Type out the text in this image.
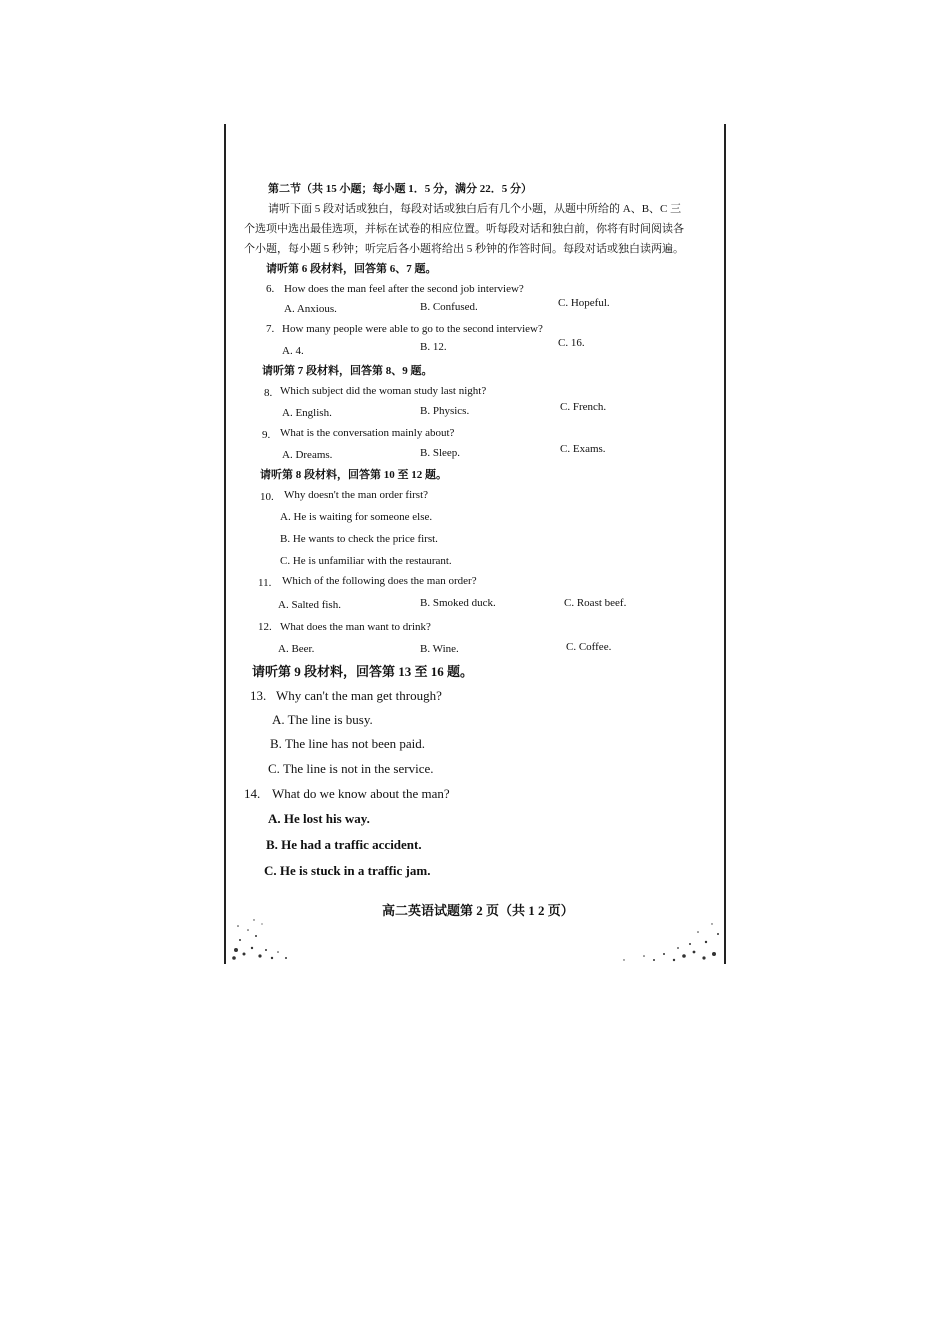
第二节（共 15 小题；每小题 1．5 分，满分 22．5 分）
请听下面 5 段对话或独白，每段对话或独白后有几个小题，从题中所给的 A、B、C 三
个选项中选出最佳选项，并标在试卷的相应位置。听每段对话和独白前，你将有时间阅读各
个小题，每小题 5 秒钟；听完后各小题将给出 5 秒钟的作答时间。每段对话或独白读两遍。
请听第 6 段材料，回答第 6、7 题。
6. How does the man feel after the second job interview?
A. Anxious.	B. Confused.	C. Hopeful.
7. How many people were able to go to the second interview?
A. 4.	B. 12.	C. 16.
请听第 7 段材料，回答第 8、9 题。
8. Which subject did the woman study last night?
A. English.	B. Physics.	C. French.
9. What is the conversation mainly about?
A. Dreams.	B. Sleep.	C. Exams.
请听第 8 段材料，回答第 10 至 12 题。
10. Why doesn't the man order first?
A. He is waiting for someone else.
B. He wants to check the price first.
C. He is unfamiliar with the restaurant.
11. Which of the following does the man order?
A. Salted fish.	B. Smoked duck.	C. Roast beef.
12. What does the man want to drink?
A. Beer.	B. Wine.	C. Coffee.
请听第 9 段材料，回答第 13 至 16 题。
13. Why can't the man get through?
A. The line is busy.
B. The line has not been paid.
C. The line is not in the service.
14. What do we know about the man?
A. He lost his way.
B. He had a traffic accident.
C. He is stuck in a traffic jam.
高二英语试题第 2 页（共 1 2 页）
